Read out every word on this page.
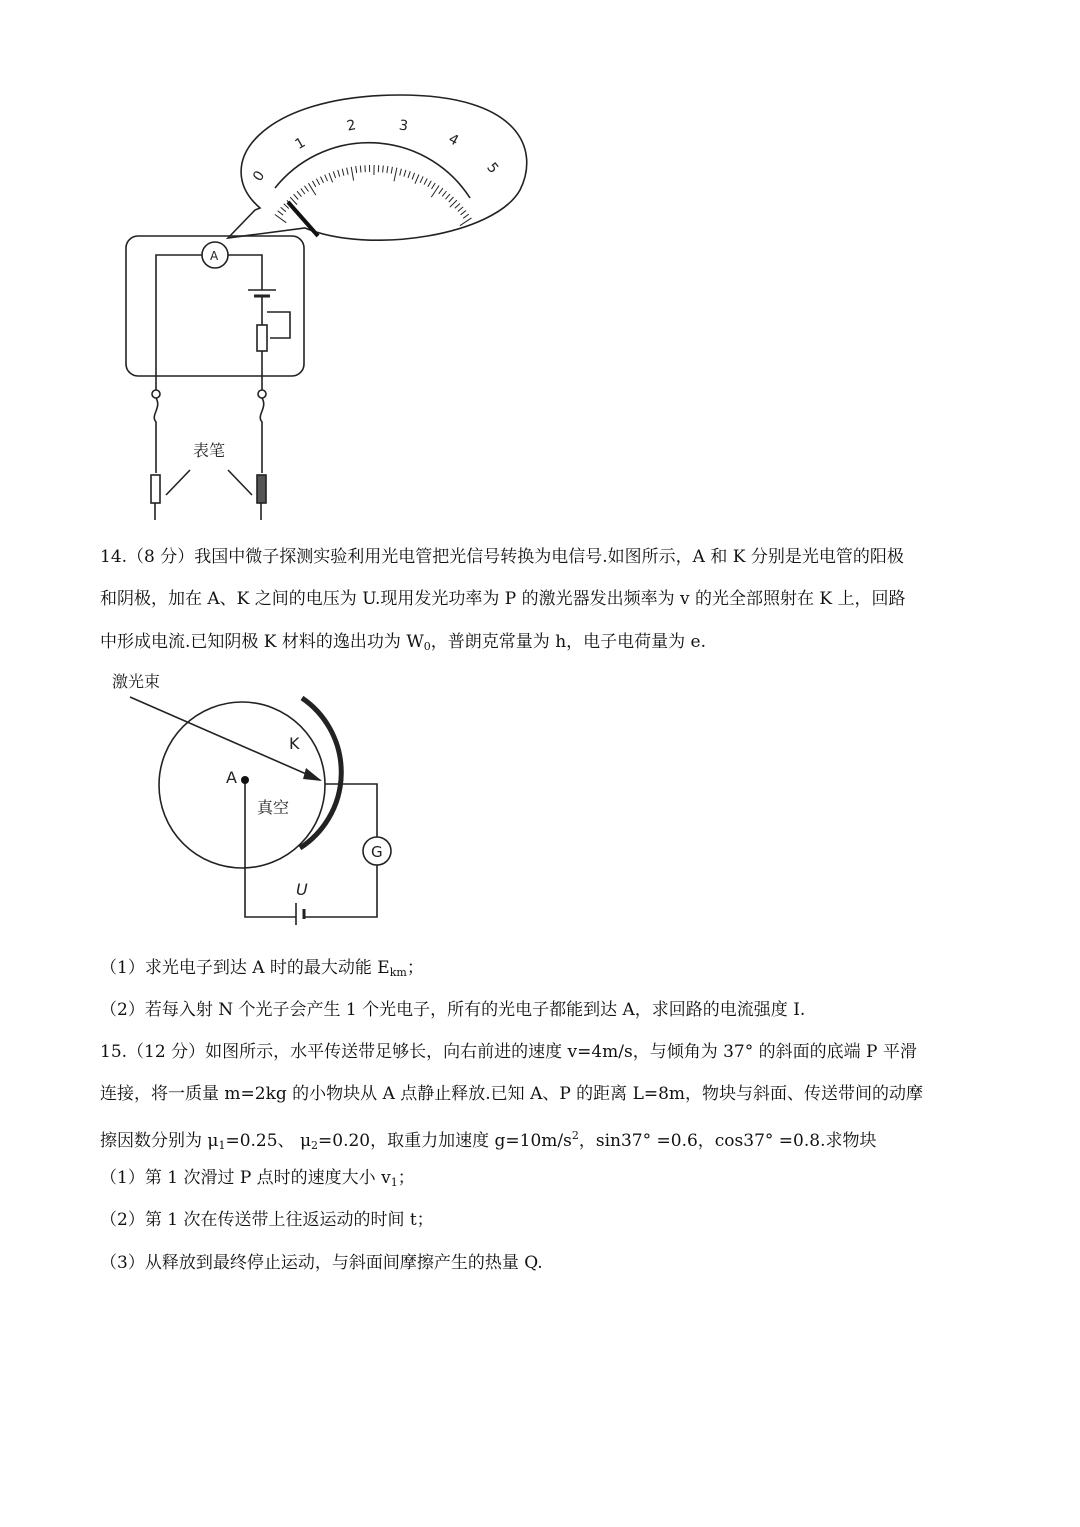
0
1
2	3
4
5
A
表笔
14.（8 分）我国中微子探测实验利用光电管把光信号转换为电信号.如图所示，A 和 K 分别是光电管的阳极
和阴极，加在 A、K 之间的电压为 U.现用发光功率为 P 的激光器发出频率为 v 的光全部照射在 K 上，回路
中形成电流.已知阴极 K 材料的逸出功为 $W_0$，普朗克常量为 h，电子电荷量为 e.
激光束
K
A
真空
G
U
（1）求光电子到达 A 时的最大动能 $E_{km}$；
（2）若每入射 N 个光子会产生 1 个光电子，所有的光电子都能到达 A，求回路的电流强度 I.
15.（12 分）如图所示，水平传送带足够长，向右前进的速度 v=4m/s，与倾角为 37° 的斜面的底端 P 平滑
连接，将一质量 m=2kg 的小物块从 A 点静止释放.已知 A、P 的距离 L=8m，物块与斜面、传送带间的动摩
擦因数分别为 $\mu_1=0.25$、 $\mu_2=0.20$，取重力加速度 $g=10m/s^2$，sin37° =0.6，cos37° =0.8.求物块
（1）第 1 次滑过 P 点时的速度大小 $v_1$；
（2）第 1 次在传送带上往返运动的时间 t；
（3）从释放到最终停止运动，与斜面间摩擦产生的热量 Q.
